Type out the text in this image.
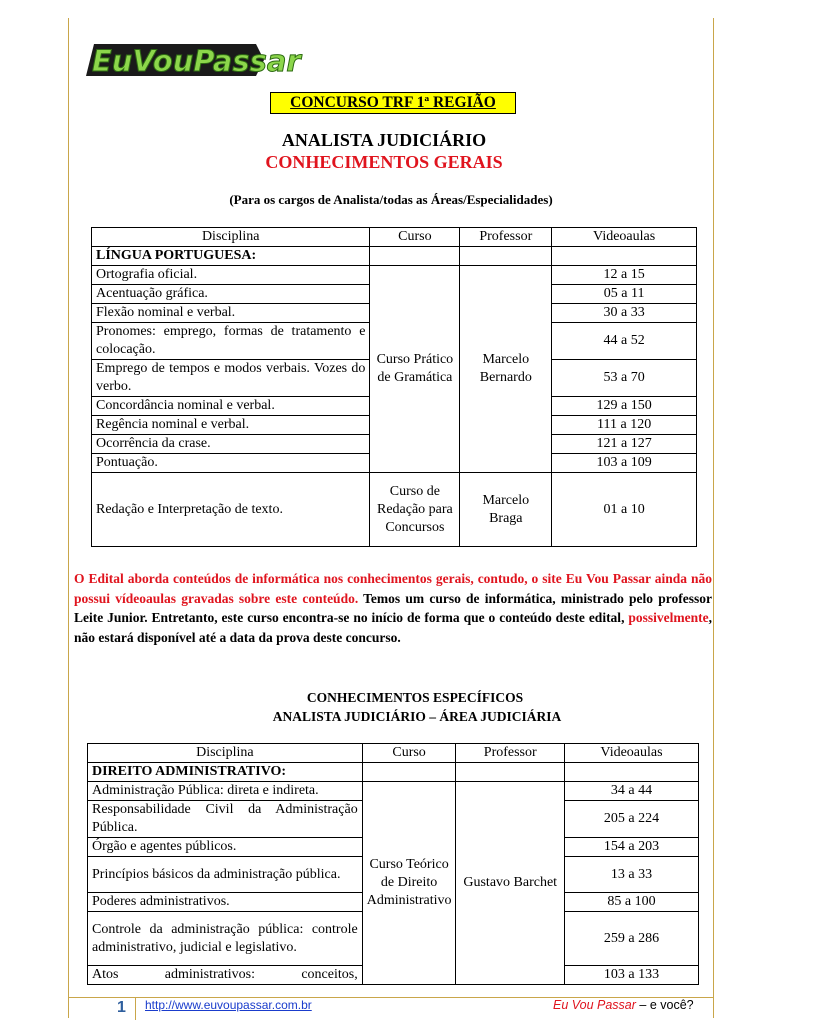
EuVouPassar
CONCURSO TRF 1ª REGIÃO
ANALISTA JUDICIÁRIO
CONHECIMENTOS GERAIS
(Para os cargos de Analista/todas as Áreas/Especialidades)
Disciplina	Curso	Professor	Videoaulas
LÍNGUA PORTUGUESA:			
Ortografia oficial.	Curso Prático de Gramática	Marcelo Bernardo	12 a 15
Acentuação gráfica.			05 a 11
Flexão nominal e verbal.			30 a 33
Pronomes: emprego, formas de tratamento e colocação.			44 a 52
Emprego de tempos e modos verbais. Vozes do verbo.			53 a 70
Concordância nominal e verbal.			129 a 150
Regência nominal e verbal.			111 a 120
Ocorrência da crase.			121 a 127
Pontuação.			103 a 109
Redação e Interpretação de texto.	Curso de Redação para Concursos	Marcelo Braga	01 a 10
O Edital aborda conteúdos de informática nos conhecimentos gerais, contudo, o site Eu Vou Passar ainda não possui vídeoaulas gravadas sobre este conteúdo. Temos um curso de informática, ministrado pelo professor Leite Junior. Entretanto, este curso encontra-se no início de forma que o conteúdo deste edital, possivelmente, não estará disponível até a data da prova deste concurso.
CONHECIMENTOS ESPECÍFICOS
ANALISTA JUDICIÁRIO – ÁREA JUDICIÁRIA
Disciplina	Curso	Professor	Videoaulas
DIREITO ADMINISTRATIVO:			
Administração Pública: direta e indireta.	Curso Teórico de Direito Administrativo	Gustavo Barchet	34 a 44
Responsabilidade Civil da Administração Pública.			205 a 224
Órgão e agentes públicos.			154 a 203
Princípios básicos da administração pública.			13 a 33
Poderes administrativos.			85 a 100
Controle da administração pública: controle administrativo, judicial e legislativo.			259 a 286
Atos administrativos: conceitos,			103 a 133
1 http://www.euvoupassar.com.br	Eu Vou Passar – e você?
